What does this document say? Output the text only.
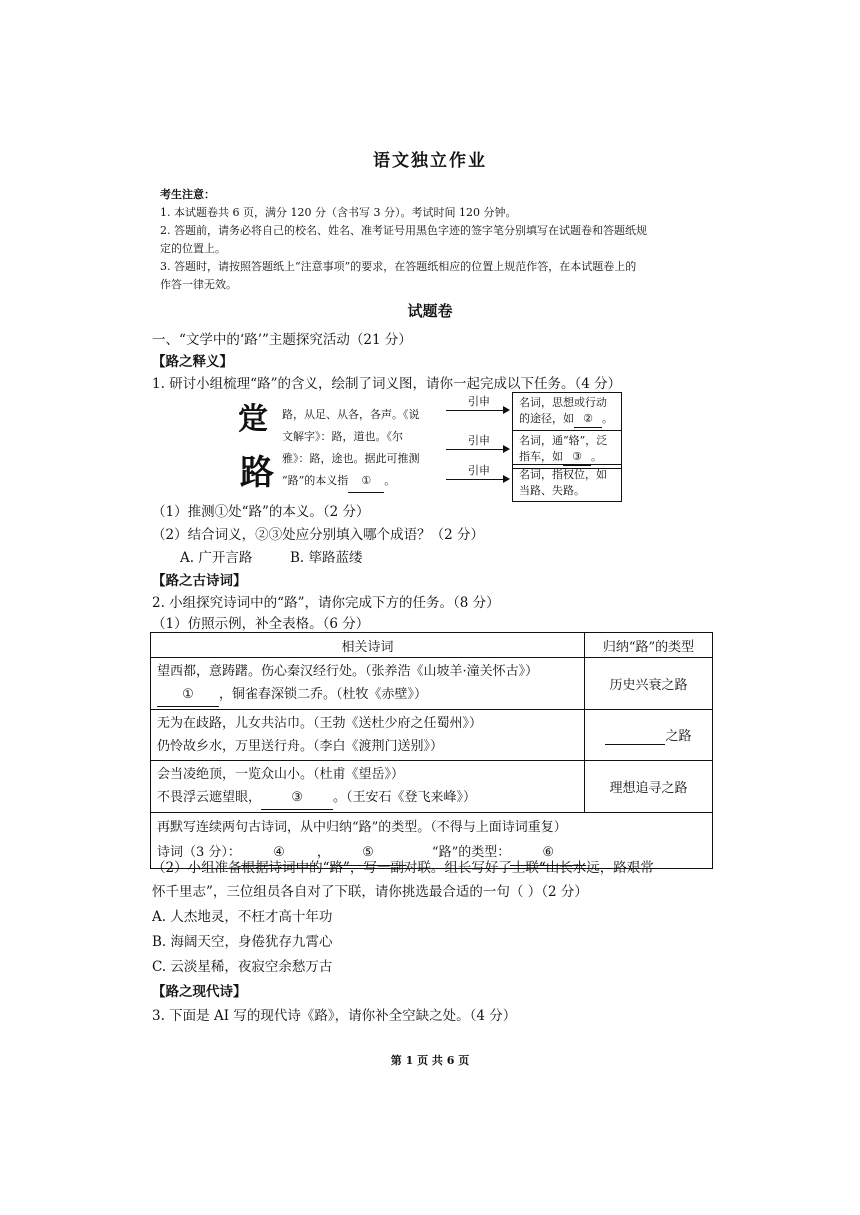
语文独立作业
考生注意：
1. 本试题卷共 6 页，满分 120 分（含书写 3 分）。考试时间 120 分钟。
2. 答题前，请务必将自己的校名、姓名、准考证号用黑色字迹的签字笔分别填写在试题卷和答题纸规
定的位置上。
3. 答题时，请按照答题纸上“注意事项”的要求，在答题纸相应的位置上规范作答，在本试题卷上的
作答一律无效。
试题卷
一、“文学中的‘路’”主题探究活动（21 分）
【路之释义】
1. 研讨小组梳理“路”的含义，绘制了词义图，请你一起完成以下任务。（4 分）
䟫
路
路，从足、从各，各声。《说
文解字》：路，道也。《尔
雅》：路，途也。据此可推测
“路”的本义指 ① 。
引申
引申
引申
名词，思想或行动的途径，如 ② 。
名词，通“辂”，泛指车，如 ③ 。
名词，指权位，如当路、失路。
（1）推测①处“路”的本义。（2 分）
（2）结合词义，②③处应分别填入哪个成语？（2 分）
A. 广开言路	B. 筚路蓝缕
【路之古诗词】
2. 小组探究诗词中的“路”，请你完成下方的任务。（8 分）
（1）仿照示例，补全表格。（6 分）
相关诗词	归纳“路”的类型

望西都，意踌躇。伤心秦汉经行处。（张养浩《山坡羊·潼关怀古》）
① ，铜雀春深锁二乔。（杜牧《赤壁》）	历史兴衰之路

无为在歧路，儿女共沾巾。（王勃《送杜少府之任蜀州》）
仍怜故乡水，万里送行舟。（李白《渡荆门送别》）	之路

会当凌绝顶，一览众山小。（杜甫《望岳》）
不畏浮云遮望眼， ③ 。（王安石《登飞来峰》）	理想追寻之路

再默写连续两句古诗词，从中归纳“路”的类型。（不得与上面诗词重复）
诗词（3 分）： ④ ， ⑤ “路”的类型： ⑥	
（2）小组准备根据诗词中的“路”，写一副对联。组长写好了上联“山长水远，路艰常
怀千里志”，三位组员各自对了下联，请你挑选最合适的一句（ ）（2 分）
A. 人杰地灵，不枉才高十年功
B. 海阔天空，身倦犹存九霄心
C. 云淡星稀，夜寂空余愁万古
【路之现代诗】
3. 下面是 AI 写的现代诗《路》，请你补全空缺之处。（4 分）
第 1 页 共 6 页
